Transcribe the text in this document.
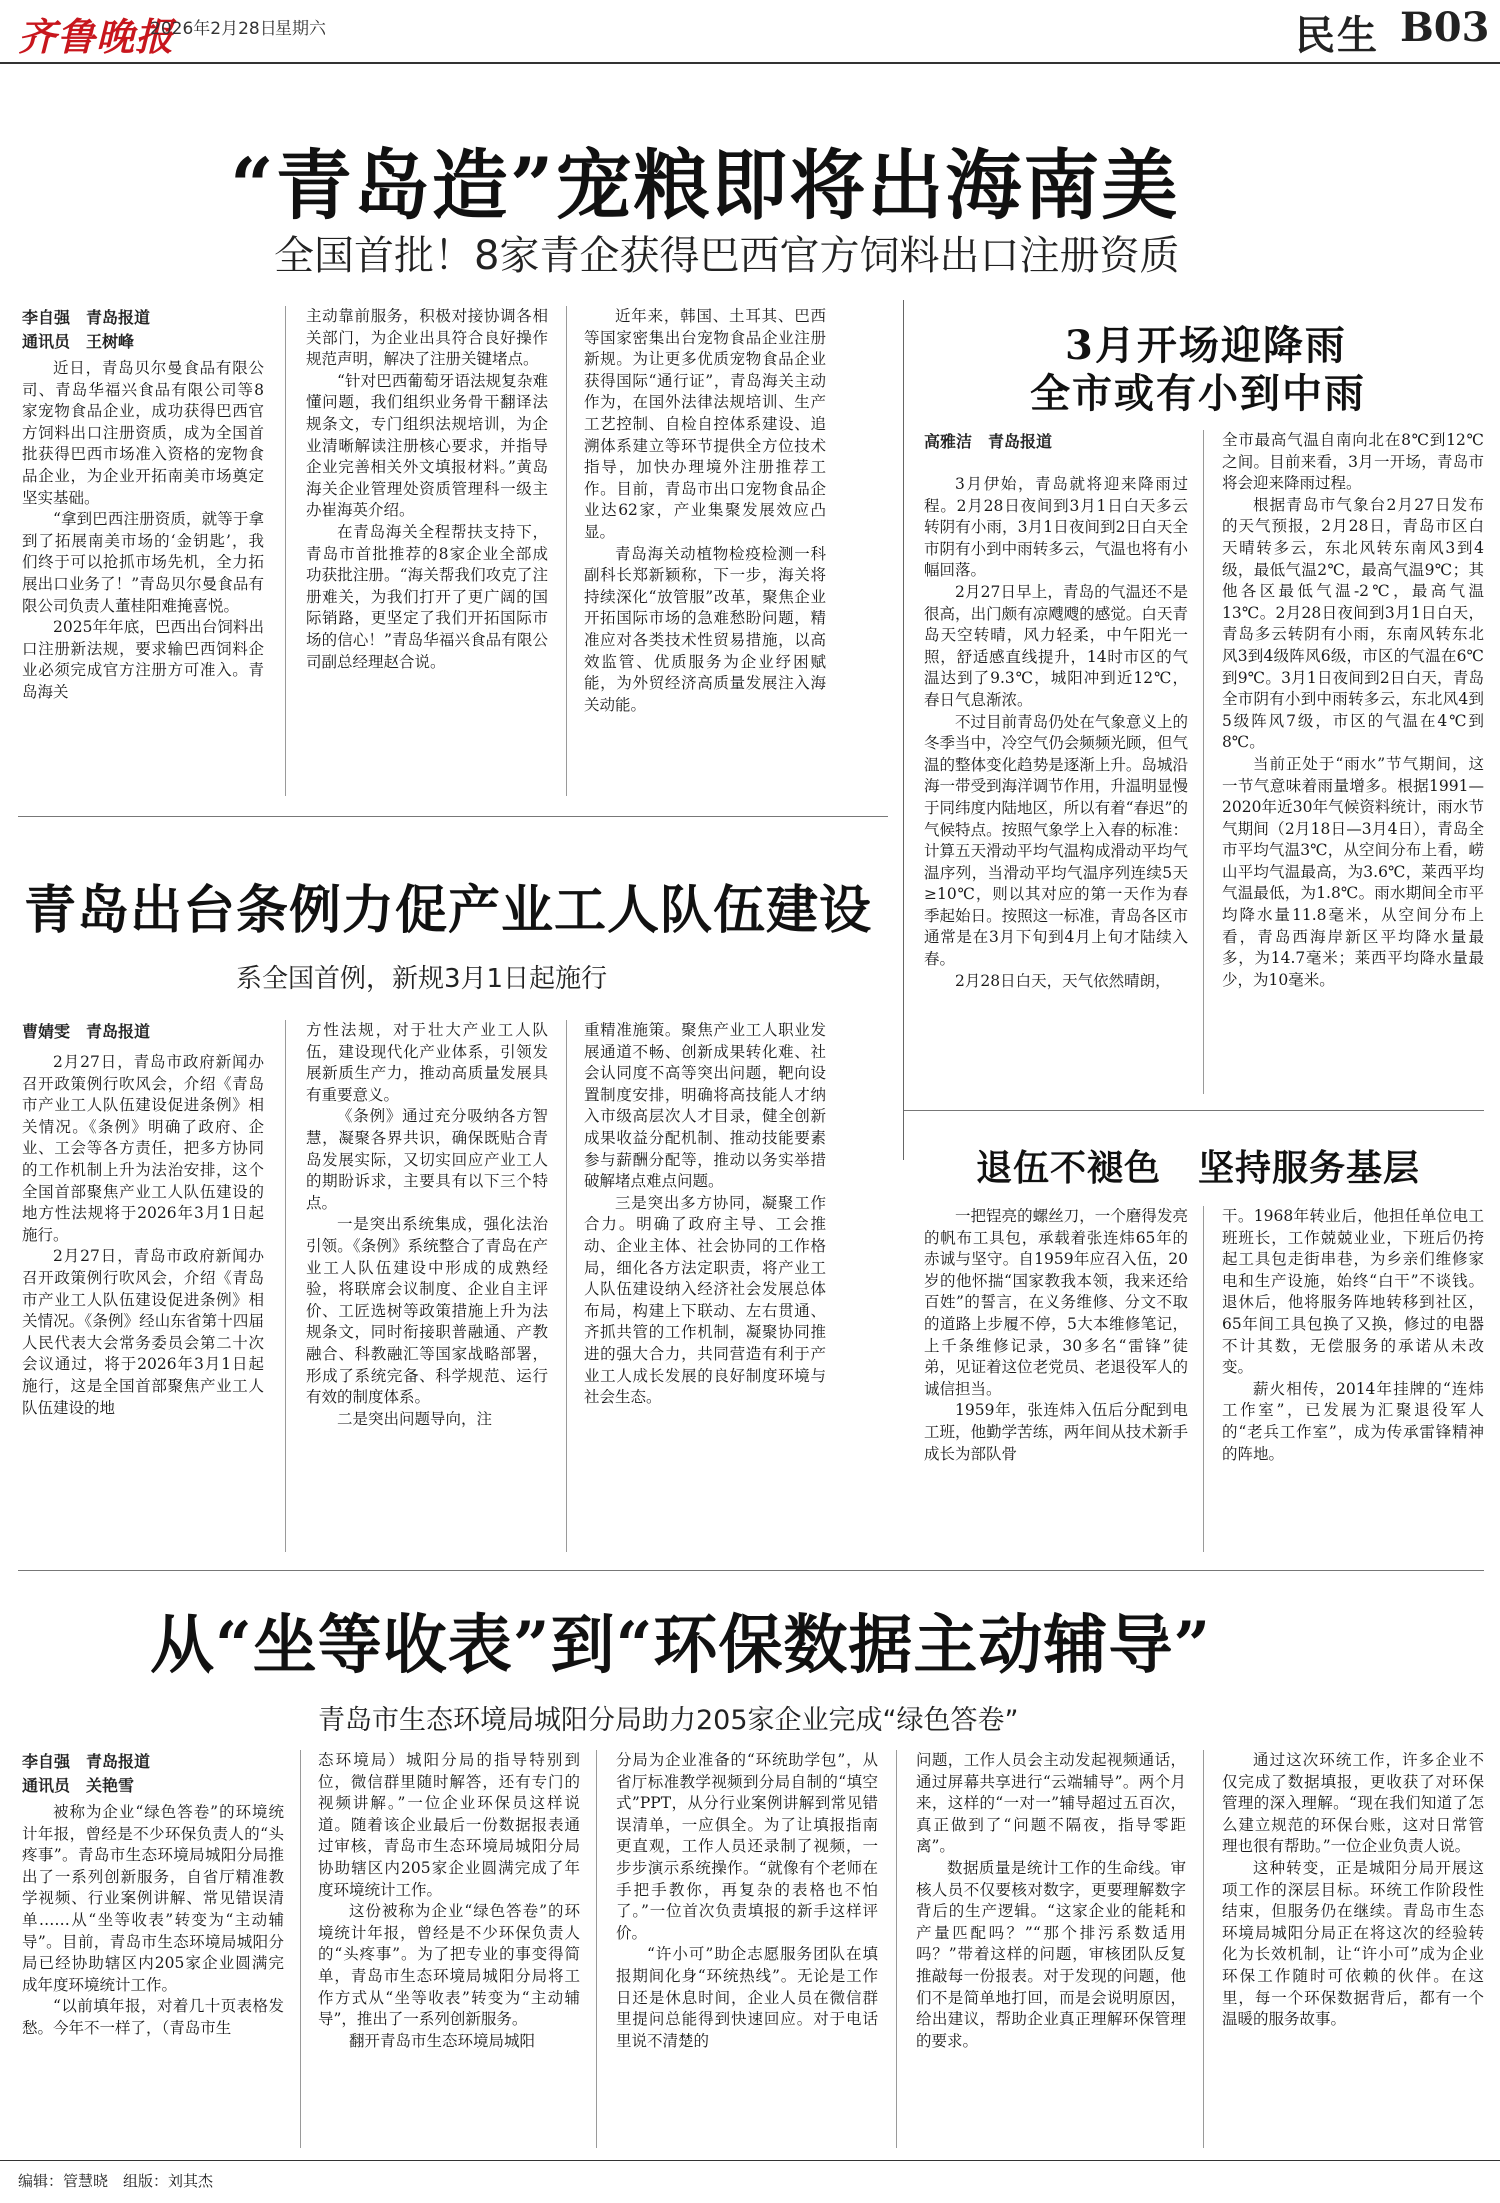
齐鲁晚报
2026年2月28日
星期六	民生 B03
“青岛造”宠粮即将出海南美
全国首批！8家青企获得巴西官方饲料出口注册资质
李自强　青岛报道
通讯员　王树峰

近日，青岛贝尔曼食品有限公司、青岛华福兴食品有限公司等8家宠物食品企业，成功获得巴西官方饲料出口注册资质，成为全国首批获得巴西市场准入资格的宠物食品企业，为企业开拓南美市场奠定坚实基础。

“拿到巴西注册资质，就等于拿到了拓展南美市场的‘金钥匙’，我们终于可以抢抓市场先机，全力拓展出口业务了！”青岛贝尔曼食品有限公司负责人董桂阳难掩喜悦。

2025年年底，巴西出台饲料出口注册新法规，要求输巴西饲料企业必须完成官方注册方可准入。青岛海关

主动靠前服务，积极对接协调各相关部门，为企业出具符合良好操作规范声明，解决了注册关键堵点。

“针对巴西葡萄牙语法规复杂难懂问题，我们组织业务骨干翻译法规条文，专门组织法规培训，为企业清晰解读注册核心要求，并指导企业完善相关外文填报材料。”黄岛海关企业管理处资质管理科一级主办崔海英介绍。

在青岛海关全程帮扶支持下，青岛市首批推荐的8家企业全部成功获批注册。“海关帮我们攻克了注册难关，为我们打开了更广阔的国际销路，更坚定了我们开拓国际市场的信心！”青岛华福兴食品有限公司副总经理赵合说。

近年来，韩国、土耳其、巴西等国家密集出台宠物食品企业注册新规。为让更多优质宠物食品企业获得国际“通行证”，青岛海关主动作为，在国外法律法规培训、生产工艺控制、自检自控体系建设、追溯体系建立等环节提供全方位技术指导，加快办理境外注册推荐工作。目前，青岛市出口宠物食品企业达62家，产业集聚发展效应凸显。

青岛海关动植物检疫检测一科副科长郑新颖称，下一步，海关将持续深化“放管服”改革，聚焦企业开拓国际市场的急难愁盼问题，精准应对各类技术性贸易措施，以高效监管、优质服务为企业纾困赋能，为外贸经济高质量发展注入海关动能。

3月开场迎降雨
全市或有小到中雨
高雅洁　青岛报道

3月伊始，青岛就将迎来降雨过程。2月28日夜间到3月1日白天多云转阴有小雨，3月1日夜间到2日白天全市阴有小到中雨转多云，气温也将有小幅回落。

2月27日早上，青岛的气温还不是很高，出门颇有凉飕飕的感觉。白天青岛天空转晴，风力轻柔，中午阳光一照，舒适感直线提升，14时市区的气温达到了9.3℃，城阳冲到近12℃，春日气息渐浓。

不过目前青岛仍处在气象意义上的冬季当中，冷空气仍会频频光顾，但气温的整体变化趋势是逐渐上升。岛城沿海一带受到海洋调节作用，升温明显慢于同纬度内陆地区，所以有着“春迟”的气候特点。按照气象学上入春的标准：计算五天滑动平均气温构成滑动平均气温序列，当滑动平均气温序列连续5天≥10℃，则以其对应的第一天作为春季起始日。按照这一标准，青岛各区市通常是在3月下旬到4月上旬才陆续入春。

2月28日白天，天气依然晴朗，

全市最高气温自南向北在8℃到12℃之间。目前来看，3月一开场，青岛市将会迎来降雨过程。

根据青岛市气象台2月27日发布的天气预报，2月28日，青岛市区白天晴转多云，东北风转东南风3到4级，最低气温2℃，最高气温9℃；其他各区最低气温-2℃，最高气温13℃。2月28日夜间到3月1日白天，青岛多云转阴有小雨，东南风转东北风3到4级阵风6级，市区的气温在6℃到9℃。3月1日夜间到2日白天，青岛全市阴有小到中雨转多云，东北风4到5级阵风7级，市区的气温在4℃到8℃。

当前正处于“雨水”节气期间，这一节气意味着雨量增多。根据1991—2020年近30年气候资料统计，雨水节气期间（2月18日—3月4日），青岛全市平均气温3℃，从空间分布上看，崂山平均气温最高，为3.6℃，莱西平均气温最低，为1.8℃。雨水期间全市平均降水量11.8毫米，从空间分布上看，青岛西海岸新区平均降水量最多，为14.7毫米；莱西平均降水量最少，为10毫米。

青岛出台条例力促产业工人队伍建设
系全国首例，新规3月1日起施行
曹婧雯　青岛报道

2月27日，青岛市政府新闻办召开政策例行吹风会，介绍《青岛市产业工人队伍建设促进条例》相关情况。《条例》明确了政府、企业、工会等各方责任，把多方协同的工作机制上升为法治安排，这个全国首部聚焦产业工人队伍建设的地方性法规将于2026年3月1日起施行。

2月27日，青岛市政府新闻办召开政策例行吹风会，介绍《青岛市产业工人队伍建设促进条例》相关情况。《条例》经山东省第十四届人民代表大会常务委员会第二十次会议通过，将于2026年3月1日起施行，这是全国首部聚焦产业工人队伍建设的地

方性法规，对于壮大产业工人队伍，建设现代化产业体系，引领发展新质生产力，推动高质量发展具有重要意义。

《条例》通过充分吸纳各方智慧，凝聚各界共识，确保既贴合青岛发展实际，又切实回应产业工人的期盼诉求，主要具有以下三个特点。

一是突出系统集成，强化法治引领。《条例》系统整合了青岛在产业工人队伍建设中形成的成熟经验，将联席会议制度、企业自主评价、工匠选树等政策措施上升为法规条文，同时衔接职普融通、产教融合、科教融汇等国家战略部署，形成了系统完备、科学规范、运行有效的制度体系。

二是突出问题导向，注

重精准施策。聚焦产业工人职业发展通道不畅、创新成果转化难、社会认同度不高等突出问题，靶向设置制度安排，明确将高技能人才纳入市级高层次人才目录，健全创新成果收益分配机制、推动技能要素参与薪酬分配等，推动以务实举措破解堵点难点问题。

三是突出多方协同，凝聚工作合力。明确了政府主导、工会推动、企业主体、社会协同的工作格局，细化各方法定职责，将产业工人队伍建设纳入经济社会发展总体布局，构建上下联动、左右贯通、齐抓共管的工作机制，凝聚协同推进的强大合力，共同营造有利于产业工人成长发展的良好制度环境与社会生态。

退伍不褪色　坚持服务基层

一把锃亮的螺丝刀，一个磨得发亮的帆布工具包，承载着张连炜65年的赤诚与坚守。自1959年应召入伍，20岁的他怀揣“国家教我本领，我来还给百姓”的誓言，在义务维修、分文不取的道路上步履不停，5大本维修笔记，上千条维修记录，30多名“雷锋”徒弟，见证着这位老党员、老退役军人的诚信担当。

1959年，张连炜入伍后分配到电工班，他勤学苦练，两年间从技术新手成长为部队骨

干。1968年转业后，他担任单位电工班班长，工作兢兢业业，下班后仍挎起工具包走街串巷，为乡亲们维修家电和生产设施，始终“白干”不谈钱。退休后，他将服务阵地转移到社区，65年间工具包换了又换，修过的电器不计其数，无偿服务的承诺从未改变。

薪火相传，2014年挂牌的“连炜工作室”，已发展为汇聚退役军人的“老兵工作室”，成为传承雷锋精神的阵地。

从“坐等收表”到“环保数据主动辅导”
青岛市生态环境局城阳分局助力205家企业完成“绿色答卷”
李自强　青岛报道
通讯员　关艳雪

被称为企业“绿色答卷”的环境统计年报，曾经是不少环保负责人的“头疼事”。青岛市生态环境局城阳分局推出了一系列创新服务，自省厅精准教学视频、行业案例讲解、常见错误清单……从“坐等收表”转变为“主动辅导”。目前，青岛市生态环境局城阳分局已经协助辖区内205家企业圆满完成年度环境统计工作。

“以前填年报，对着几十页表格发愁。今年不一样了，（青岛市生

态环境局）城阳分局的指导特别到位，微信群里随时解答，还有专门的视频讲解。”一位企业环保员这样说道。随着该企业最后一份数据报表通过审核，青岛市生态环境局城阳分局协助辖区内205家企业圆满完成了年度环境统计工作。

这份被称为企业“绿色答卷”的环境统计年报，曾经是不少环保负责人的“头疼事”。为了把专业的事变得简单，青岛市生态环境局城阳分局将工作方式从“坐等收表”转变为“主动辅导”，推出了一系列创新服务。

翻开青岛市生态环境局城阳

分局为企业准备的“环统助学包”，从省厅标准教学视频到分局自制的“填空式”PPT，从分行业案例讲解到常见错误清单，一应俱全。为了让填报指南更直观，工作人员还录制了视频，一步步演示系统操作。“就像有个老师在手把手教你，再复杂的表格也不怕了。”一位首次负责填报的新手这样评价。

“许小可”助企志愿服务团队在填报期间化身“环统热线”。无论是工作日还是休息时间，企业人员在微信群里提问总能得到快速回应。对于电话里说不清楚的

问题，工作人员会主动发起视频通话，通过屏幕共享进行“云端辅导”。两个月来，这样的“一对一”辅导超过五百次，真正做到了“问题不隔夜，指导零距离”。

数据质量是统计工作的生命线。审核人员不仅要核对数字，更要理解数字背后的生产逻辑。“这家企业的能耗和产量匹配吗？”“那个排污系数适用吗？”带着这样的问题，审核团队反复推敲每一份报表。对于发现的问题，他们不是简单地打回，而是会说明原因，给出建议，帮助企业真正理解环保管理的要求。

通过这次环统工作，许多企业不仅完成了数据填报，更收获了对环保管理的深入理解。“现在我们知道了怎么建立规范的环保台账，这对日常管理也很有帮助。”一位企业负责人说。

这种转变，正是城阳分局开展这项工作的深层目标。环统工作阶段性结束，但服务仍在继续。青岛市生态环境局城阳分局正在将这次的经验转化为长效机制，让“许小可”成为企业环保工作随时可依赖的伙伴。在这里，每一个环保数据背后，都有一个温暖的服务故事。

编辑：管慧晓　 组版：刘其杰
